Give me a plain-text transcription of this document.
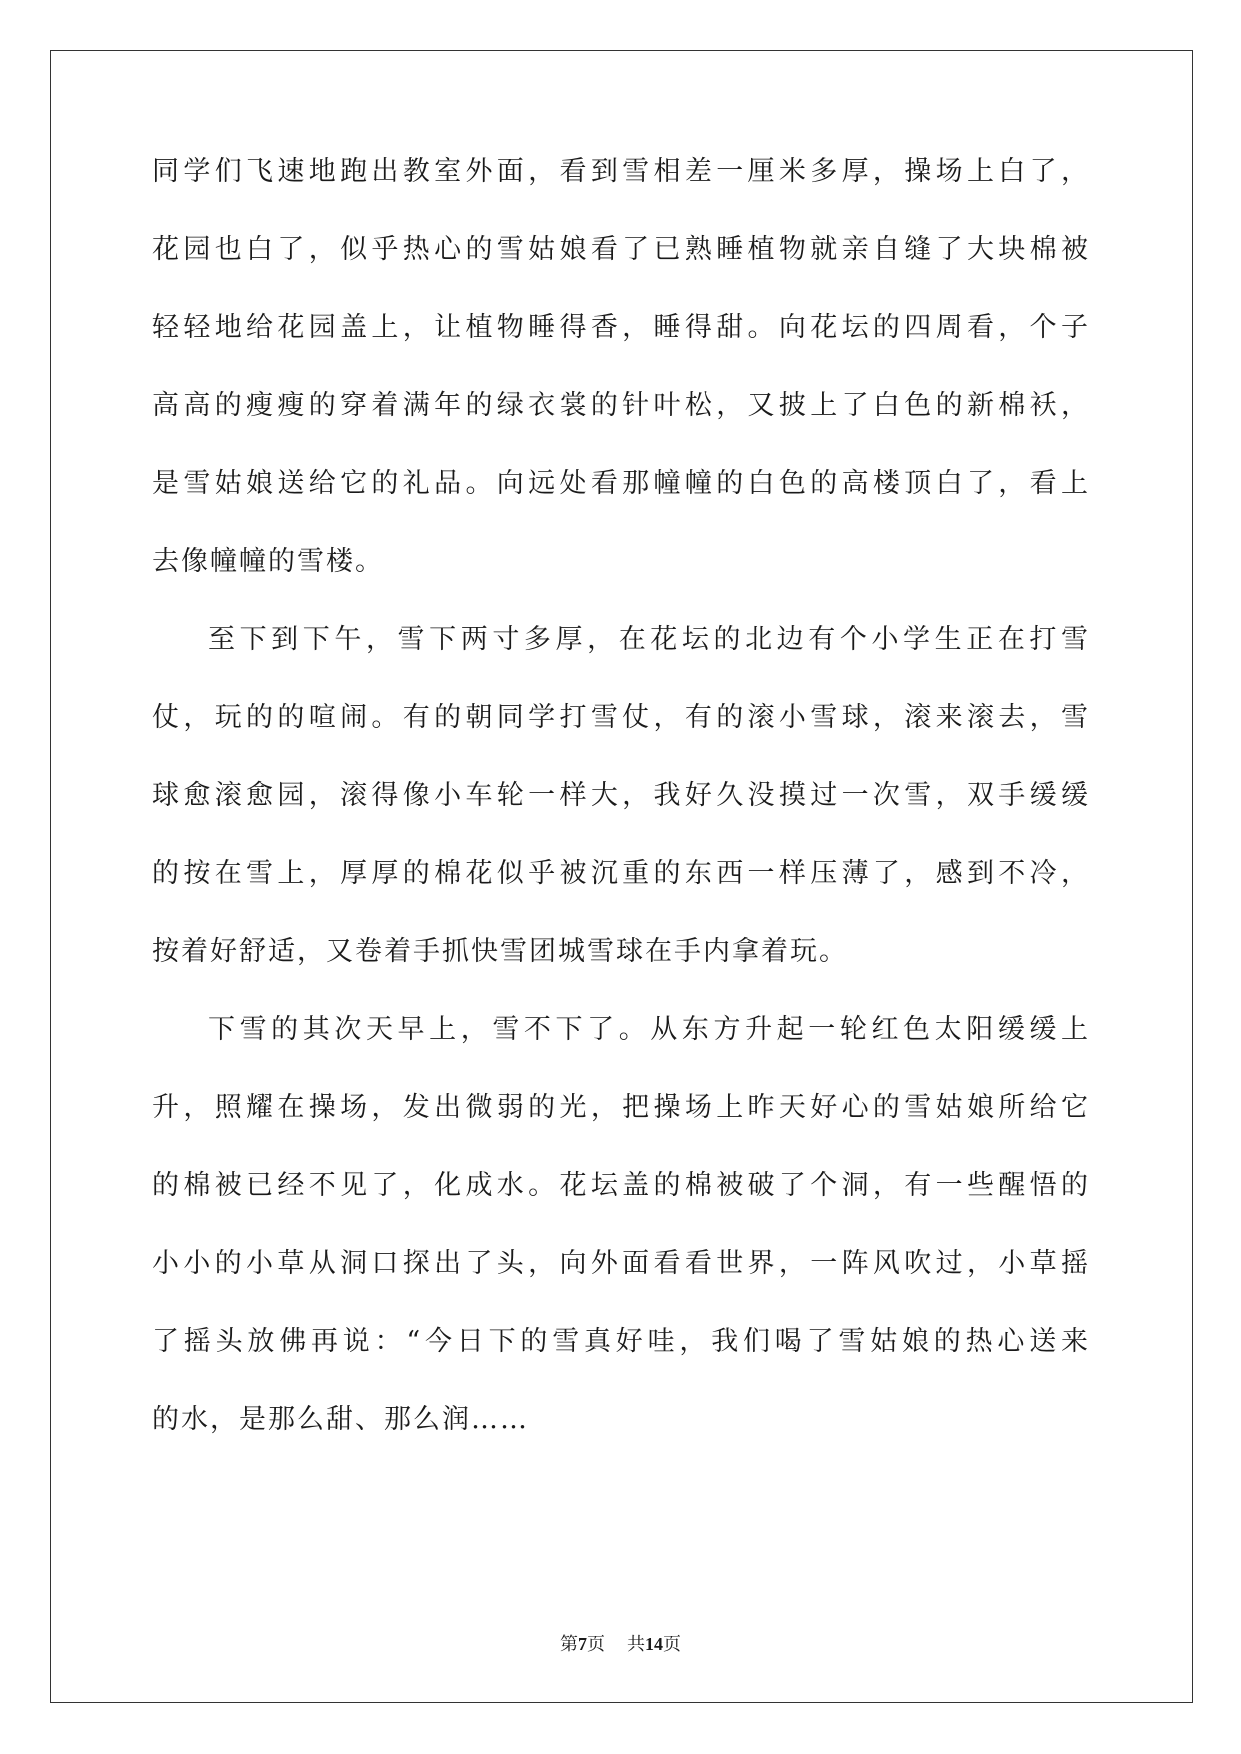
同学们飞速地跑出教室外面，看到雪相差一厘米多厚，操场上白了，
花园也白了，似乎热心的雪姑娘看了已熟睡植物就亲自缝了大块棉被
轻轻地给花园盖上，让植物睡得香，睡得甜。向花坛的四周看，个子
高高的瘦瘦的穿着满年的绿衣裳的针叶松，又披上了白色的新棉袄，
是雪姑娘送给它的礼品。向远处看那幢幢的白色的高楼顶白了，看上
去像幢幢的雪楼。
至下到下午，雪下两寸多厚，在花坛的北边有个小学生正在打雪
仗，玩的的喧闹。有的朝同学打雪仗，有的滚小雪球，滚来滚去，雪
球愈滚愈园，滚得像小车轮一样大，我好久没摸过一次雪，双手缓缓
的按在雪上，厚厚的棉花似乎被沉重的东西一样压薄了，感到不冷，
按着好舒适，又卷着手抓快雪团城雪球在手内拿着玩。
下雪的其次天早上，雪不下了。从东方升起一轮红色太阳缓缓上
升，照耀在操场，发出微弱的光，把操场上昨天好心的雪姑娘所给它
的棉被已经不见了，化成水。花坛盖的棉被破了个洞，有一些醒悟的
小小的小草从洞口探出了头，向外面看看世界，一阵风吹过，小草摇
了摇头放佛再说：“今日下的雪真好哇，我们喝了雪姑娘的热心送来
的水，是那么甜、那么润……
第7页 共14页
